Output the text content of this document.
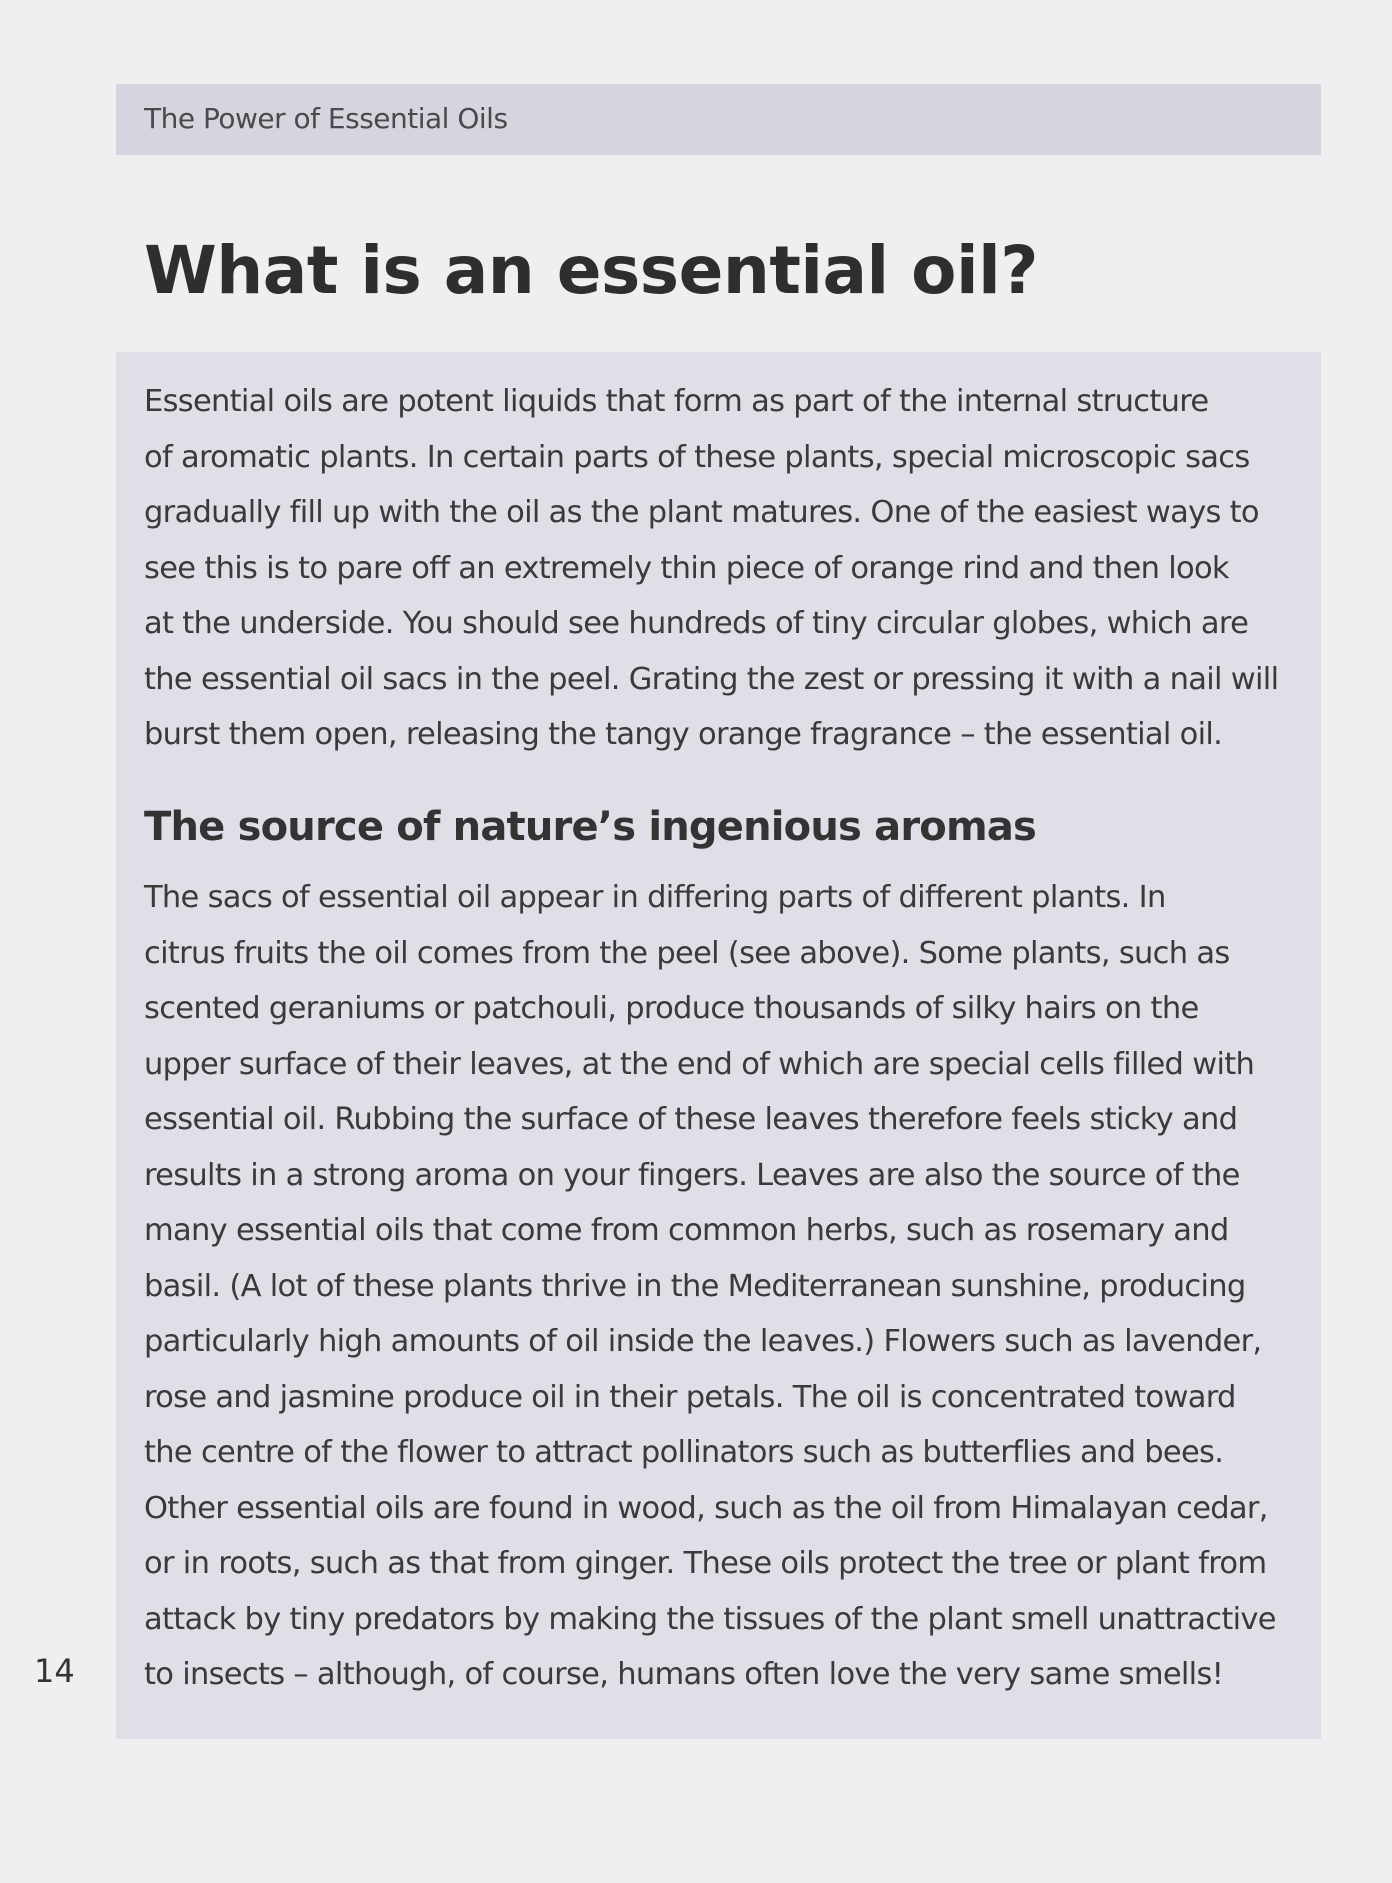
The Power of Essential Oils
What is an essential oil?

Essential oils are potent liquids that form as part of the internal structure
of aromatic plants. In certain parts of these plants, special microscopic sacs
gradually fill up with the oil as the plant matures. One of the easiest ways to
see this is to pare off an extremely thin piece of orange rind and then look
at the underside. You should see hundreds of tiny circular globes, which are
the essential oil sacs in the peel. Grating the zest or pressing it with a nail will
burst them open, releasing the tangy orange fragrance – the essential oil.

The source of nature’s ingenious aromas

The sacs of essential oil appear in differing parts of different plants. In
citrus fruits the oil comes from the peel (see above). Some plants, such as
scented geraniums or patchouli, produce thousands of silky hairs on the
upper surface of their leaves, at the end of which are special cells filled with
essential oil. Rubbing the surface of these leaves therefore feels sticky and
results in a strong aroma on your fingers. Leaves are also the source of the
many essential oils that come from common herbs, such as rosemary and
basil. (A lot of these plants thrive in the Mediterranean sunshine, producing
particularly high amounts of oil inside the leaves.) Flowers such as lavender,
rose and jasmine produce oil in their petals. The oil is concentrated toward
the centre of the flower to attract pollinators such as butterflies and bees.
Other essential oils are found in wood, such as the oil from Himalayan cedar,
or in roots, such as that from ginger. These oils protect the tree or plant from
attack by tiny predators by making the tissues of the plant smell unattractive
to insects – although, of course, humans often love the very same smells!

14
